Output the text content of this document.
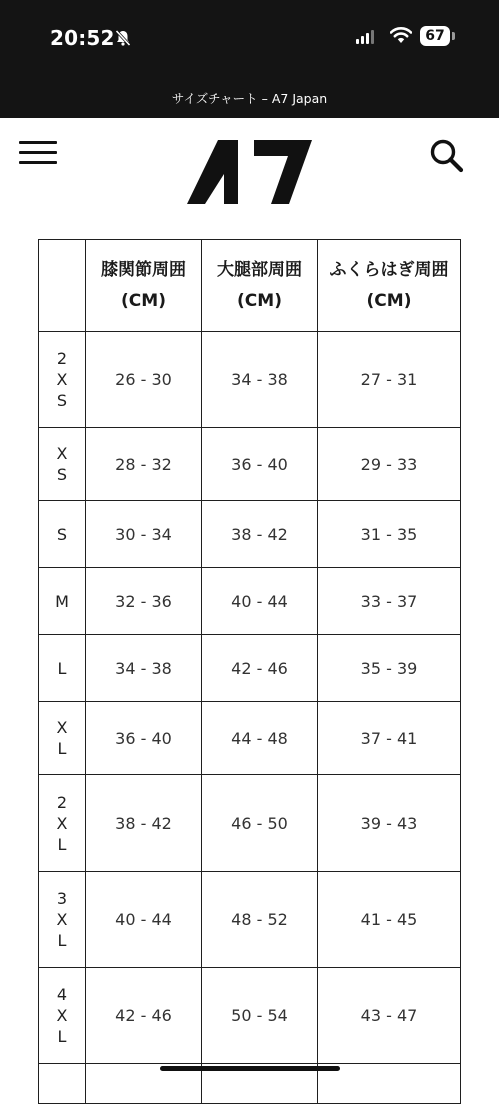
20:52	67
サイズチャート – A7 Japan
	膝関節周囲(CM)	大腿部周囲(CM)	ふくらはぎ周囲(CM)

2XS	26 - 30	34 - 38	27 - 31

XS	28 - 32	36 - 40	29 - 33

S	30 - 34	38 - 42	31 - 35

M	32 - 36	40 - 44	33 - 37

L	34 - 38	42 - 46	35 - 39

XL	36 - 40	44 - 48	37 - 41

2XL	38 - 42	46 - 50	39 - 43

3XL	40 - 44	48 - 52	41 - 45

4XL	42 - 46	50 - 54	43 - 47
